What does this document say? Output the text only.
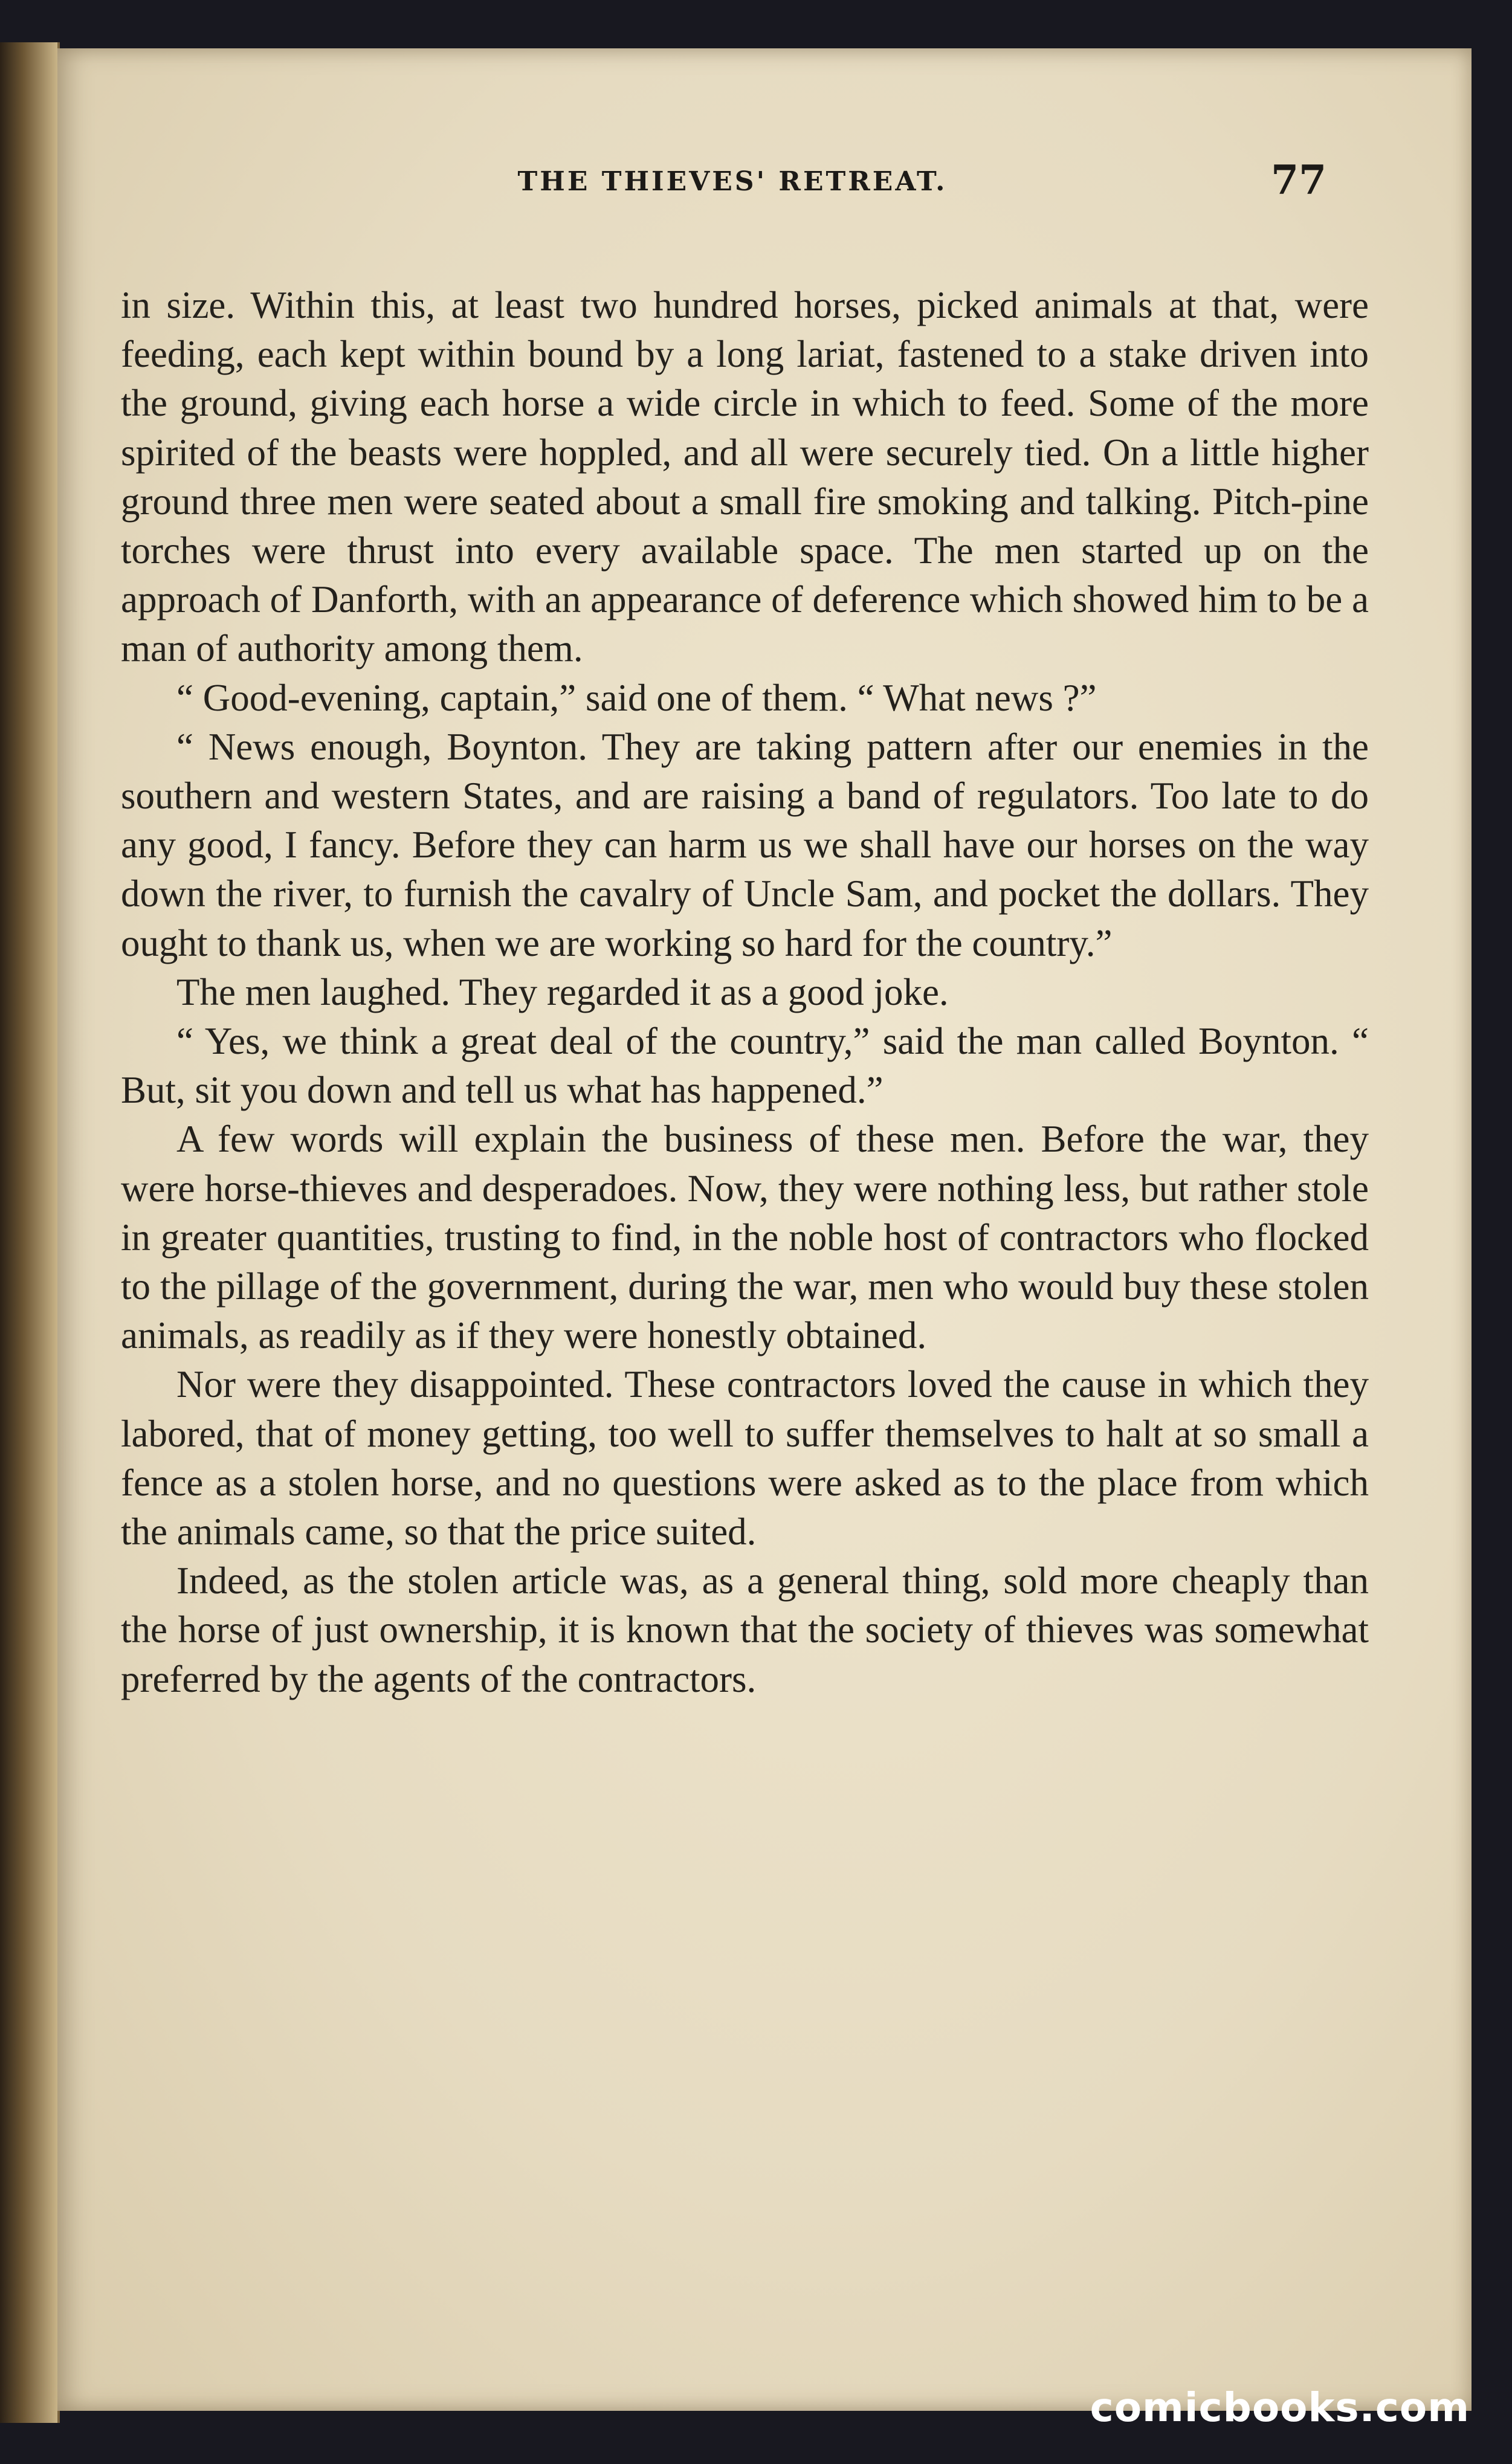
THE THIEVES' RETREAT.	77

in size. Within this, at least two hundred horses, picked animals at that, were feeding, each kept within bound by a long lariat, fastened to a stake driven into the ground, giving each horse a wide circle in which to feed. Some of the more spirited of the beasts were hoppled, and all were securely tied. On a little higher ground three men were seated about a small fire smoking and talking. Pitch-pine torches were thrust into every available space. The men started up on the approach of Danforth, with an appearance of deference which showed him to be a man of authority among them.

“ Good-evening, captain,” said one of them. “ What news ?”

“ News enough, Boynton. They are taking pattern after our enemies in the southern and western States, and are raising a band of regulators. Too late to do any good, I fancy. Before they can harm us we shall have our horses on the way down the river, to furnish the cavalry of Uncle Sam, and pocket the dollars. They ought to thank us, when we are working so hard for the country.”

The men laughed. They regarded it as a good joke.

“ Yes, we think a great deal of the country,” said the man called Boynton. “ But, sit you down and tell us what has happened.”

A few words will explain the business of these men. Before the war, they were horse-thieves and desperadoes. Now, they were nothing less, but rather stole in greater quantities, trusting to find, in the noble host of contractors who flocked to the pillage of the government, during the war, men who would buy these stolen animals, as readily as if they were honestly obtained.

Nor were they disappointed. These contractors loved the cause in which they labored, that of money getting, too well to suffer themselves to halt at so small a fence as a stolen horse, and no questions were asked as to the place from which the animals came, so that the price suited.

Indeed, as the stolen article was, as a general thing, sold more cheaply than the horse of just ownership, it is known that the society of thieves was somewhat preferred by the agents of the contractors.

comicbooks.com
